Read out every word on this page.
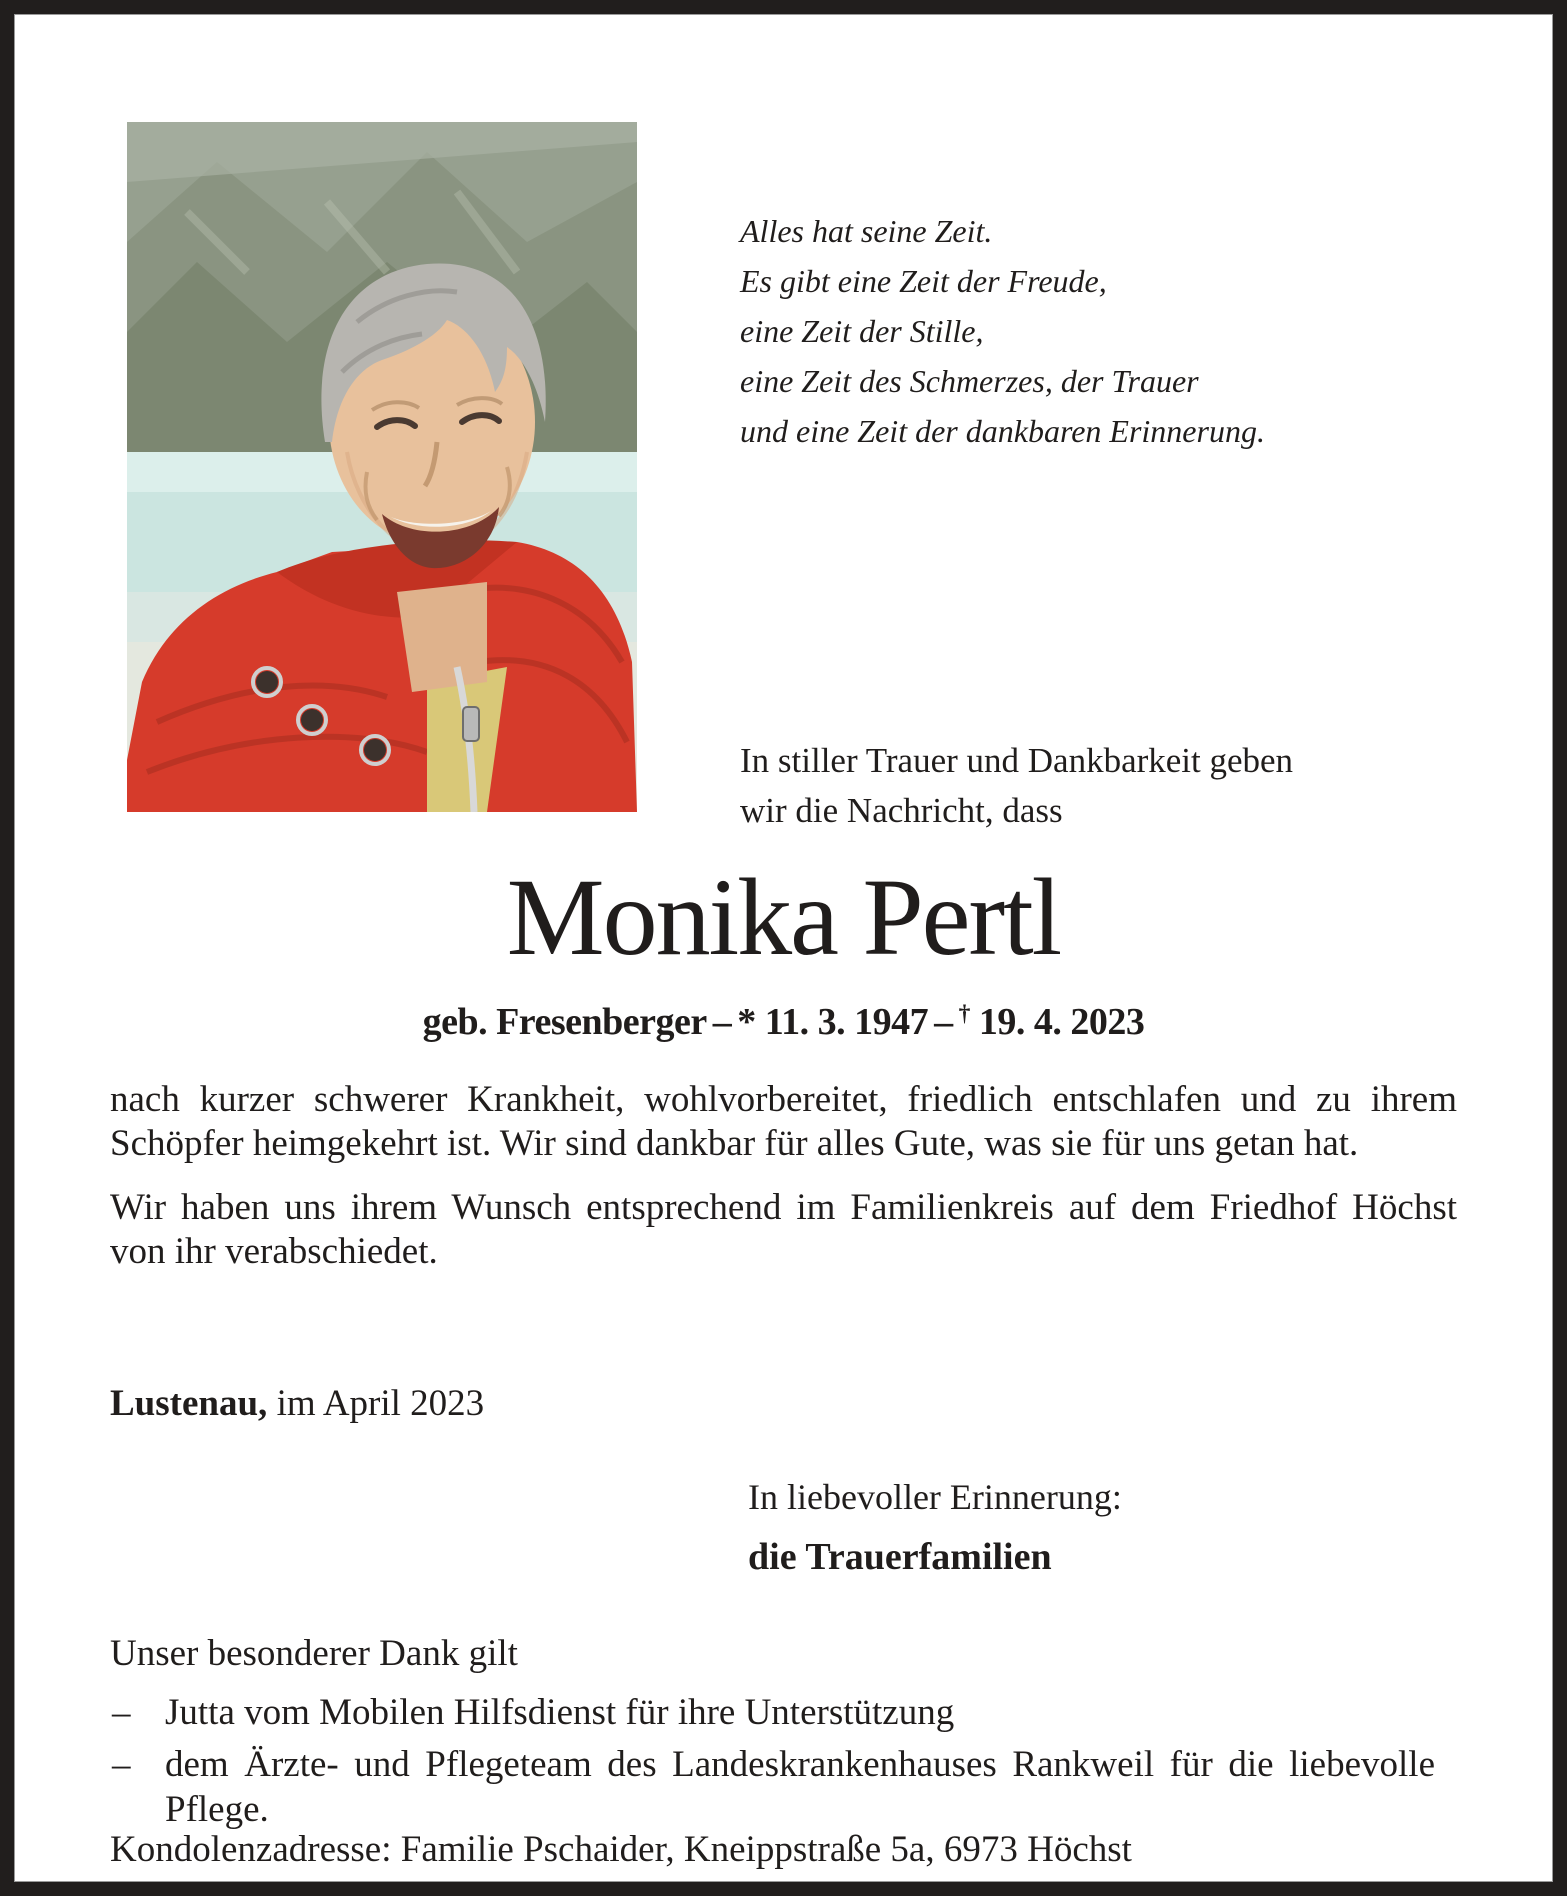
Alles hat seine Zeit.
Es gibt eine Zeit der Freude,
eine Zeit der Stille,
eine Zeit des Schmerzes, der Trauer
und eine Zeit der dankbaren Erinnerung.
In stiller Trauer und Dankbarkeit geben
wir die Nachricht, dass
Monika Pertl
geb. Fresenberger – * 11. 3. 1947 – † 19. 4. 2023

nach kurzer schwerer Krankheit, wohlvorbereitet, friedlich entschlafen und zu ihrem Schöpfer heimgekehrt ist. Wir sind dankbar für alles Gute, was sie für uns getan hat.

Wir haben uns ihrem Wunsch entsprechend im Familienkreis auf dem Friedhof Höchst von ihr verabschiedet.

Lustenau, im April 2023
In liebevoller Erinnerung:
die Trauerfamilien
Unser besonderer Dank gilt
– Jutta vom Mobilen Hilfsdienst für ihre Unterstützung
– dem Ärzte- und Pflegeteam des Landeskrankenhauses Rankweil für die liebevolle Pflege.
Kondolenzadresse: Familie Pschaider, Kneippstraße 5a, 6973 Höchst
